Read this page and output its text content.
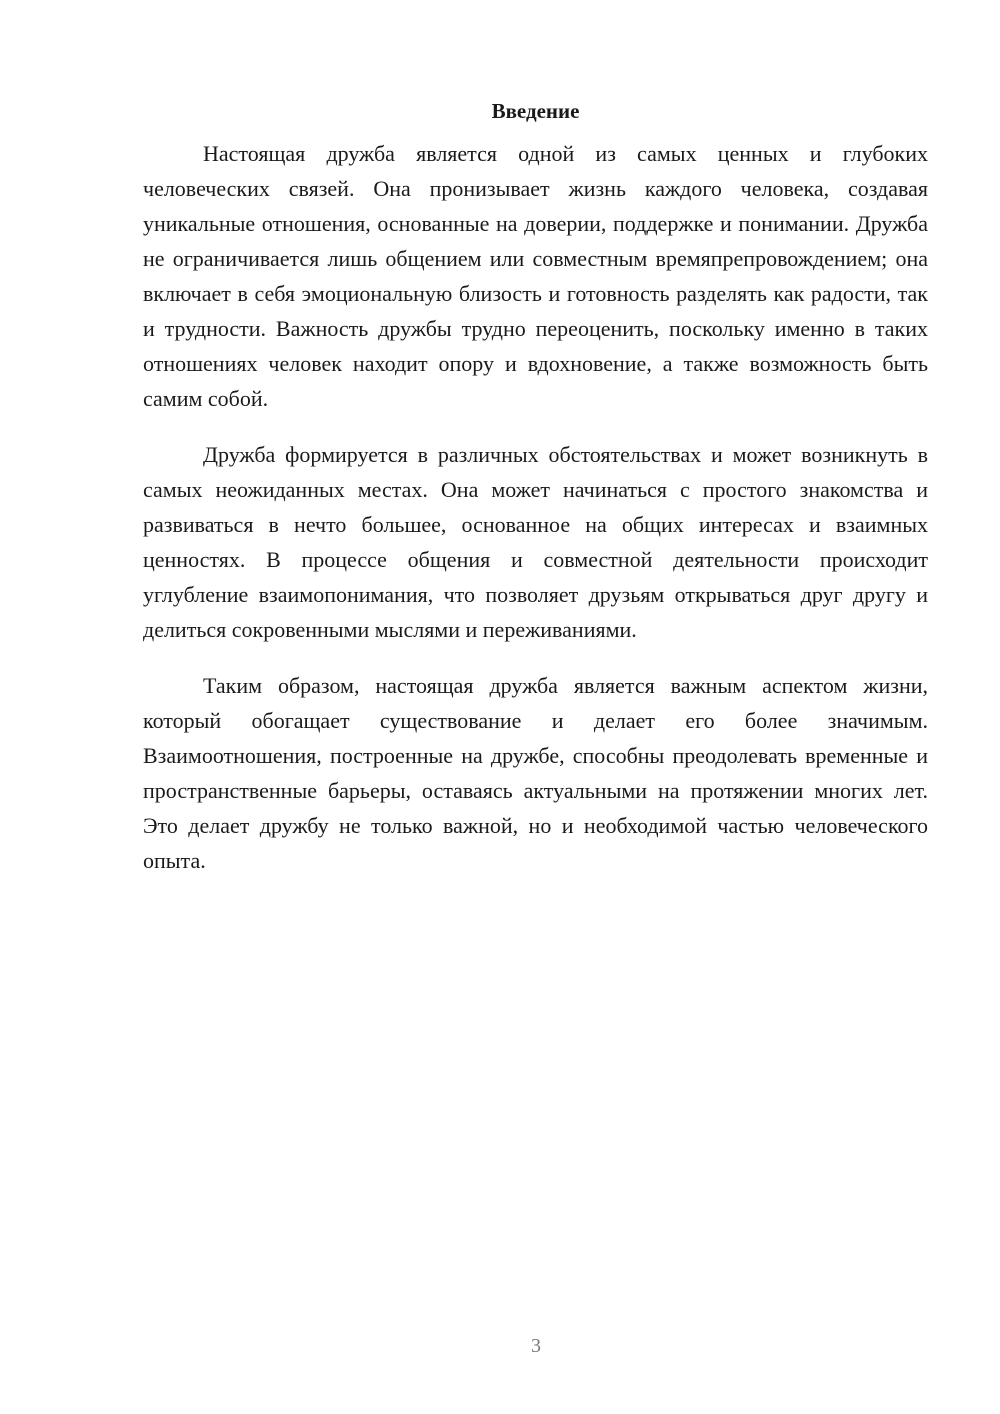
Введение

Настоящая дружба является одной из самых ценных и глубоких человеческих связей. Она пронизывает жизнь каждого человека, создавая уникальные отношения, основанные на доверии, поддержке и понимании. Дружба не ограничивается лишь общением или совместным времяпрепровождением; она включает в себя эмоциональную близость и готовность разделять как радости, так и трудности. Важность дружбы трудно переоценить, поскольку именно в таких отношениях человек находит опору и вдохновение, а также возможность быть самим собой.

Дружба формируется в различных обстоятельствах и может возникнуть в самых неожиданных местах. Она может начинаться с простого знакомства и развиваться в нечто большее, основанное на общих интересах и взаимных ценностях. В процессе общения и совместной деятельности происходит углубление взаимопонимания, что позволяет друзьям открываться друг другу и делиться сокровенными мыслями и переживаниями.

Таким образом, настоящая дружба является важным аспектом жизни, который обогащает существование и делает его более значимым. Взаимоотношения, построенные на дружбе, способны преодолевать временные и пространственные барьеры, оставаясь актуальными на протяжении многих лет. Это делает дружбу не только важной, но и необходимой частью человеческого опыта.

3
